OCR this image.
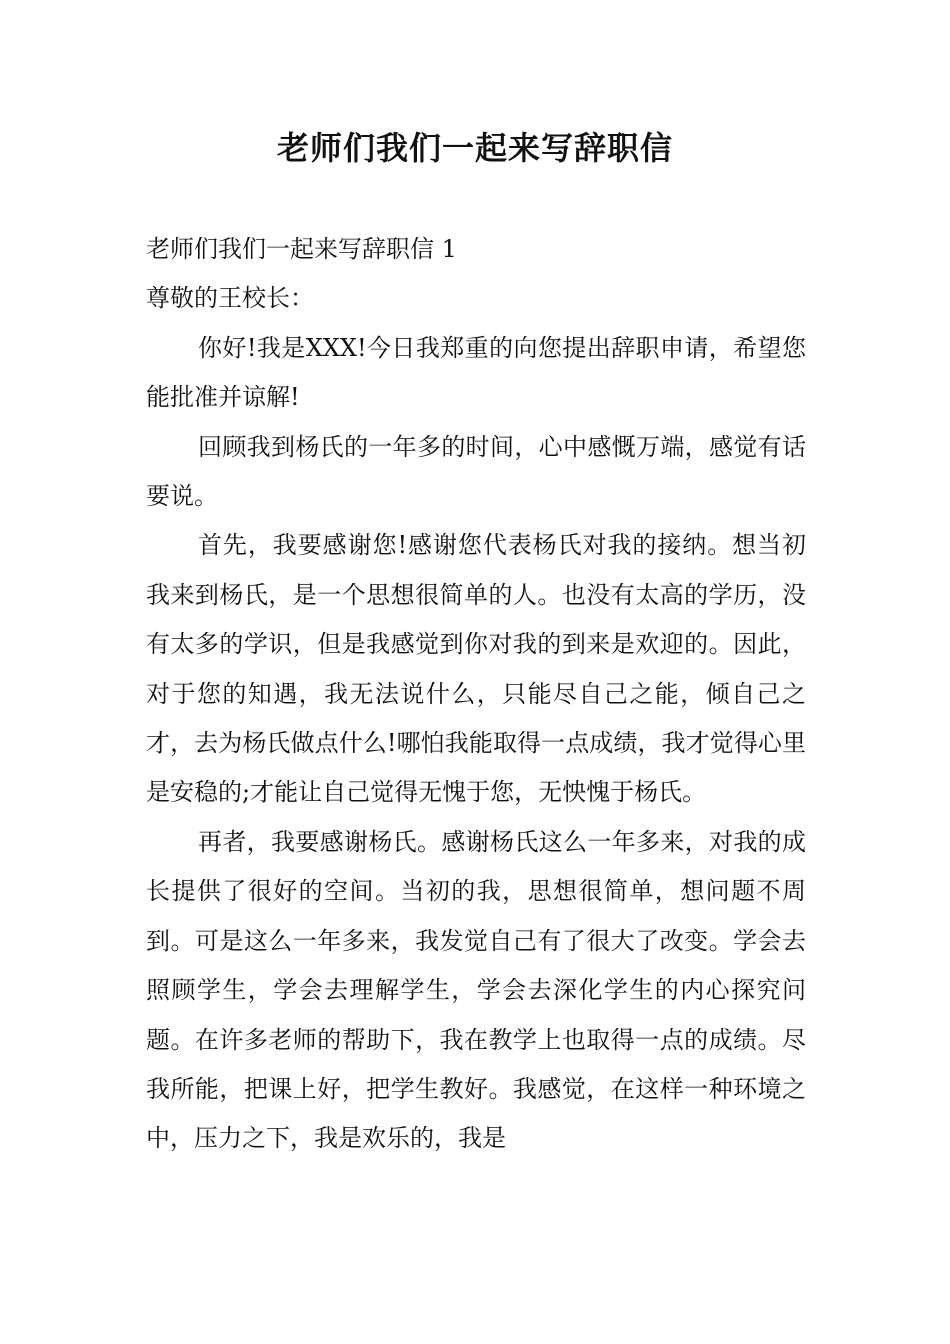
老师们我们一起来写辞职信

老师们我们一起来写辞职信 1

尊敬的王校长：

你好!我是XXX!今日我郑重的向您提出辞职申请，希望您能批准并谅解!

回顾我到杨氏的一年多的时间，心中感慨万端，感觉有话要说。

首先，我要感谢您!感谢您代表杨氏对我的接纳。想当初我来到杨氏，是一个思想很简单的人。也没有太高的学历，没有太多的学识，但是我感觉到你对我的到来是欢迎的。因此，对于您的知遇，我无法说什么，只能尽自己之能，倾自己之才，去为杨氏做点什么!哪怕我能取得一点成绩，我才觉得心里是安稳的;才能让自己觉得无愧于您，无怏愧于杨氏。

再者，我要感谢杨氏。感谢杨氏这么一年多来，对我的成长提供了很好的空间。当初的我，思想很简单，想问题不周到。可是这么一年多来，我发觉自己有了很大了改变。学会去照顾学生，学会去理解学生，学会去深化学生的内心探究问题。在许多老师的帮助下，我在教学上也取得一点的成绩。尽我所能，把课上好，把学生教好。我感觉，在这样一种环境之中，压力之下，我是欢乐的，我是
